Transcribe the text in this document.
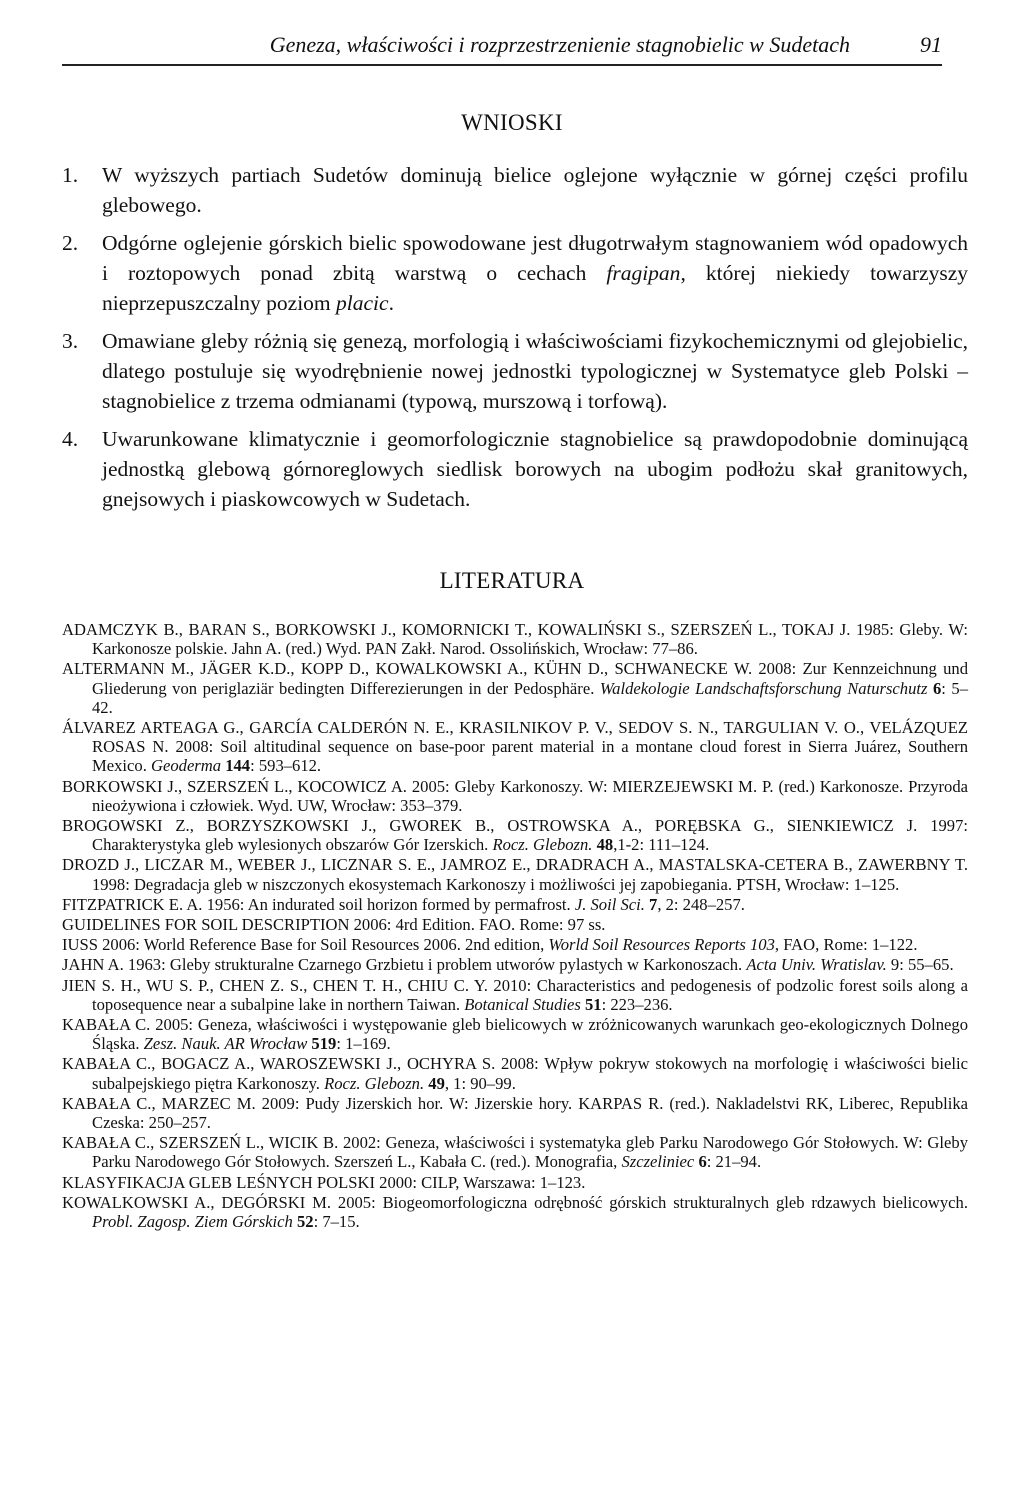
Geneza, właściwości i rozprzestrzenienie stagnobielic w Sudetach	91
WNIOSKI
1. W wyższych partiach Sudetów dominują bielice oglejone wyłącznie w górnej części profilu glebowego.
2. Odgórne oglejenie górskich bielic spowodowane jest długotrwałym stagnowaniem wód opadowych i roztopowych ponad zbitą warstwą o cechach fragipan, której niekiedy towarzyszy nieprzepuszczalny poziom placic.
3. Omawiane gleby różnią się genezą, morfologią i właściwościami fizykochemicznymi od glejobielic, dlatego postuluje się wyodrębnienie nowej jednostki typologicznej w Systematyce gleb Polski – stagnobielice z trzema odmianami (typową, murszową i torfową).
4. Uwarunkowane klimatycznie i geomorfologicznie stagnobielice są prawdopodobnie dominującą jednostką glebową górnoreglowych siedlisk borowych na ubogim podłożu skał granitowych, gnejsowych i piaskowcowych w Sudetach.
LITERATURA
ADAMCZYK B., BARAN S., BORKOWSKI J., KOMORNICKI T., KOWALIŃSKI S., SZERSZEŃ L., TOKAJ J. 1985: Gleby. W: Karkonosze polskie. Jahn A. (red.) Wyd. PAN Zakł. Narod. Ossolińskich, Wrocław: 77–86.
ALTERMANN M., JÄGER K.D., KOPP D., KOWALKOWSKI A., KÜHN D., SCHWANECKE W. 2008: Zur Kennzeichnung und Gliederung von periglaziär bedingten Differezierungen in der Pedosphäre. Waldekologie Landschaftsforschung Naturschutz 6: 5–42.
ÁLVAREZ ARTEAGA G., GARCÍA CALDERÓN N. E., KRASILNIKOV P. V., SEDOV S. N., TARGULIAN V. O., VELÁZQUEZ ROSAS N. 2008: Soil altitudinal sequence on base-poor parent material in a montane cloud forest in Sierra Juárez, Southern Mexico. Geoderma 144: 593–612.
BORKOWSKI J., SZERSZEŃ L., KOCOWICZ A. 2005: Gleby Karkonoszy. W: MIERZEJEWSKI M. P. (red.) Karkonosze. Przyroda nieożywiona i człowiek. Wyd. UW, Wrocław: 353–379.
BROGOWSKI Z., BORZYSZKOWSKI J., GWOREK B., OSTROWSKA A., PORĘBSKA G., SIENKIEWICZ J. 1997: Charakterystyka gleb wylesionych obszarów Gór Izerskich. Rocz. Glebozn. 48,1-2: 111–124.
DROZD J., LICZAR M., WEBER J., LICZNAR S. E., JAMROZ E., DRADRACH A., MASTALSKA-CETERA B., ZAWERBNY T. 1998: Degradacja gleb w niszczonych ekosystemach Karkonoszy i możliwości jej zapobiegania. PTSH, Wrocław: 1–125.
FITZPATRICK E. A. 1956: An indurated soil horizon formed by permafrost. J. Soil Sci. 7, 2: 248–257.
GUIDELINES FOR SOIL DESCRIPTION 2006: 4rd Edition. FAO. Rome: 97 ss.
IUSS 2006: World Reference Base for Soil Resources 2006. 2nd edition, World Soil Resources Reports 103, FAO, Rome: 1–122.
JAHN A. 1963: Gleby strukturalne Czarnego Grzbietu i problem utworów pylastych w Karkonoszach. Acta Univ. Wratislav. 9: 55–65.
JIEN S. H., WU S. P., CHEN Z. S., CHEN T. H., CHIU C. Y. 2010: Characteristics and pedogenesis of podzolic forest soils along a toposequence near a subalpine lake in northern Taiwan. Botanical Studies 51: 223–236.
KABAŁA C. 2005: Geneza, właściwości i występowanie gleb bielicowych w zróżnicowanych warunkach geo-ekologicznych Dolnego Śląska. Zesz. Nauk. AR Wrocław 519: 1–169.
KABAŁA C., BOGACZ A., WAROSZEWSKI J., OCHYRA S. 2008: Wpływ pokryw stokowych na morfologię i właściwości bielic subalpejskiego piętra Karkonoszy. Rocz. Glebozn. 49, 1: 90–99.
KABAŁA C., MARZEC M. 2009: Pudy Jizerskich hor. W: Jizerskie hory. KARPAS R. (red.). Nakladelstvi RK, Liberec, Republika Czeska: 250–257.
KABAŁA C., SZERSZEŃ L., WICIK B. 2002: Geneza, właściwości i systematyka gleb Parku Narodowego Gór Stołowych. W: Gleby Parku Narodowego Gór Stołowych. Szerszeń L., Kabała C. (red.). Monografia, Szczeliniec 6: 21–94.
KLASYFIKACJA GLEB LEŚNYCH POLSKI 2000: CILP, Warszawa: 1–123.
KOWALKOWSKI A., DEGÓRSKI M. 2005: Biogeomorfologiczna odrębność górskich strukturalnych gleb rdzawych bielicowych. Probl. Zagosp. Ziem Górskich 52: 7–15.
